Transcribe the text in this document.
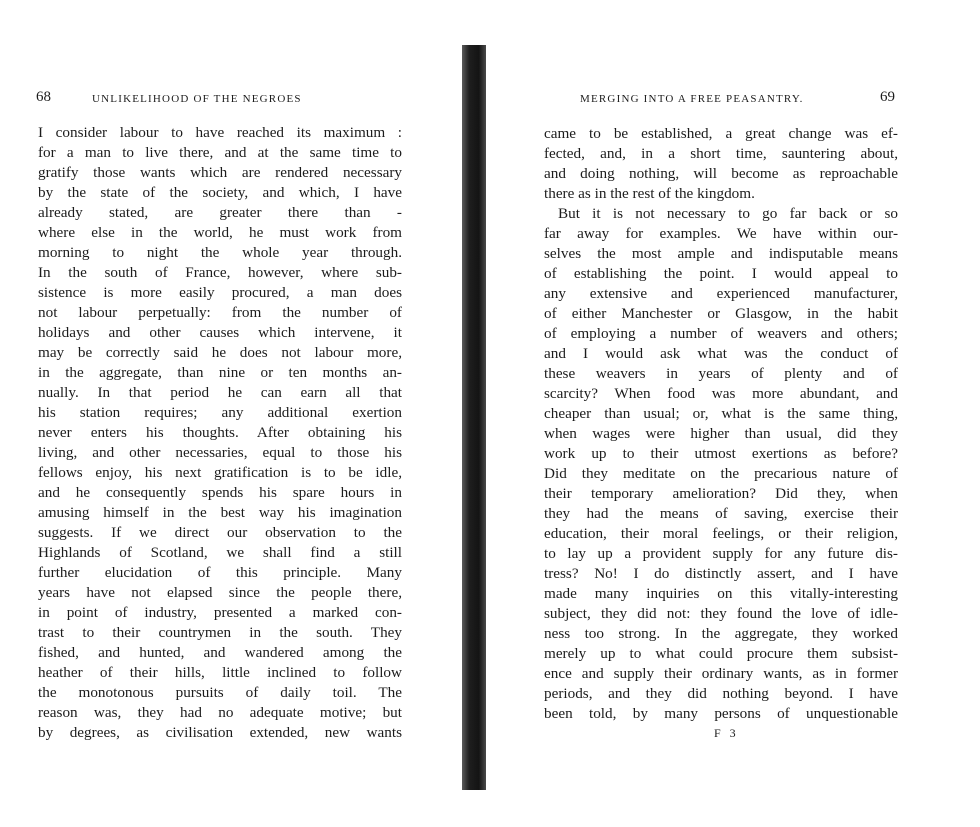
68	UNLIKELIHOOD OF THE NEGROES
I consider labour to have reached its maximum :
for a man to live there, and at the same time to
gratify those wants which are rendered necessary
by the state of the society, and which, I have
already stated, are greater there than -
where else in the world, he must work from
morning to night the whole year through.
In the south of France, however, where sub-
sistence is more easily procured, a man does
not labour perpetually: from the number of
holidays and other causes which intervene, it
may be correctly said he does not labour more,
in the aggregate, than nine or ten months an-
nually. In that period he can earn all that
his station requires; any additional exertion
never enters his thoughts. After obtaining his
living, and other necessaries, equal to those his
fellows enjoy, his next gratification is to be idle,
and he consequently spends his spare hours in
amusing himself in the best way his imagination
suggests. If we direct our observation to the
Highlands of Scotland, we shall find a still
further elucidation of this principle. Many
years have not elapsed since the people there,
in point of industry, presented a marked con-
trast to their countrymen in the south. They
fished, and hunted, and wandered among the
heather of their hills, little inclined to follow
the monotonous pursuits of daily toil. The
reason was, they had no adequate motive; but
by degrees, as civilisation extended, new wants
MERGING INTO A FREE PEASANTRY.	69
came to be established, a great change was ef-
fected, and, in a short time, sauntering about,
and doing nothing, will become as reproachable
there as in the rest of the kingdom.
But it is not necessary to go far back or so
far away for examples. We have within our-
selves the most ample and indisputable means
of establishing the point. I would appeal to
any extensive and experienced manufacturer,
of either Manchester or Glasgow, in the habit
of employing a number of weavers and others;
and I would ask what was the conduct of
these weavers in years of plenty and of
scarcity? When food was more abundant, and
cheaper than usual; or, what is the same thing,
when wages were higher than usual, did they
work up to their utmost exertions as before?
Did they meditate on the precarious nature of
their temporary amelioration? Did they, when
they had the means of saving, exercise their
education, their moral feelings, or their religion,
to lay up a provident supply for any future dis-
tress? No! I do distinctly assert, and I have
made many inquiries on this vitally-interesting
subject, they did not: they found the love of idle-
ness too strong. In the aggregate, they worked
merely up to what could procure them subsist-
ence and supply their ordinary wants, as in former
periods, and they did nothing beyond. I have
been told, by many persons of unquestionable
F 3
